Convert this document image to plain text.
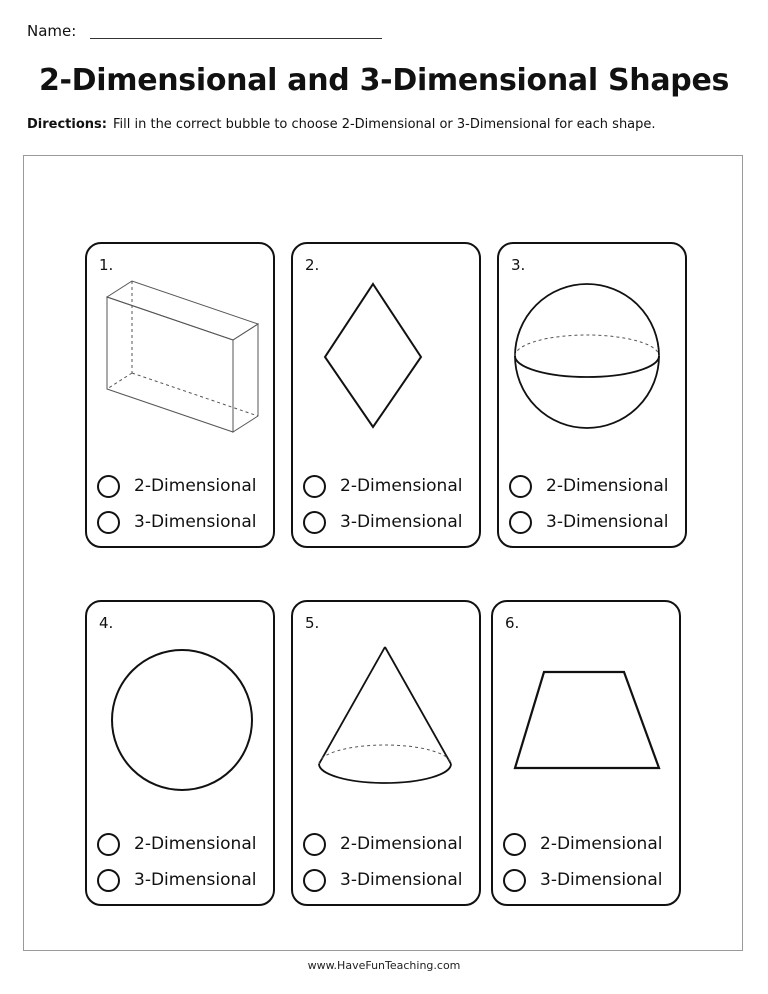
Name:
2-Dimensional and 3-Dimensional Shapes
Directions: Fill in the correct bubble to choose 2-Dimensional or 3-Dimensional for each shape.
1.
2-Dimensional
3-Dimensional
2.
2-Dimensional
3-Dimensional
3.
2-Dimensional
3-Dimensional
4.
2-Dimensional
3-Dimensional
5.
2-Dimensional
3-Dimensional
6.
2-Dimensional
3-Dimensional
www.HaveFunTeaching.com
